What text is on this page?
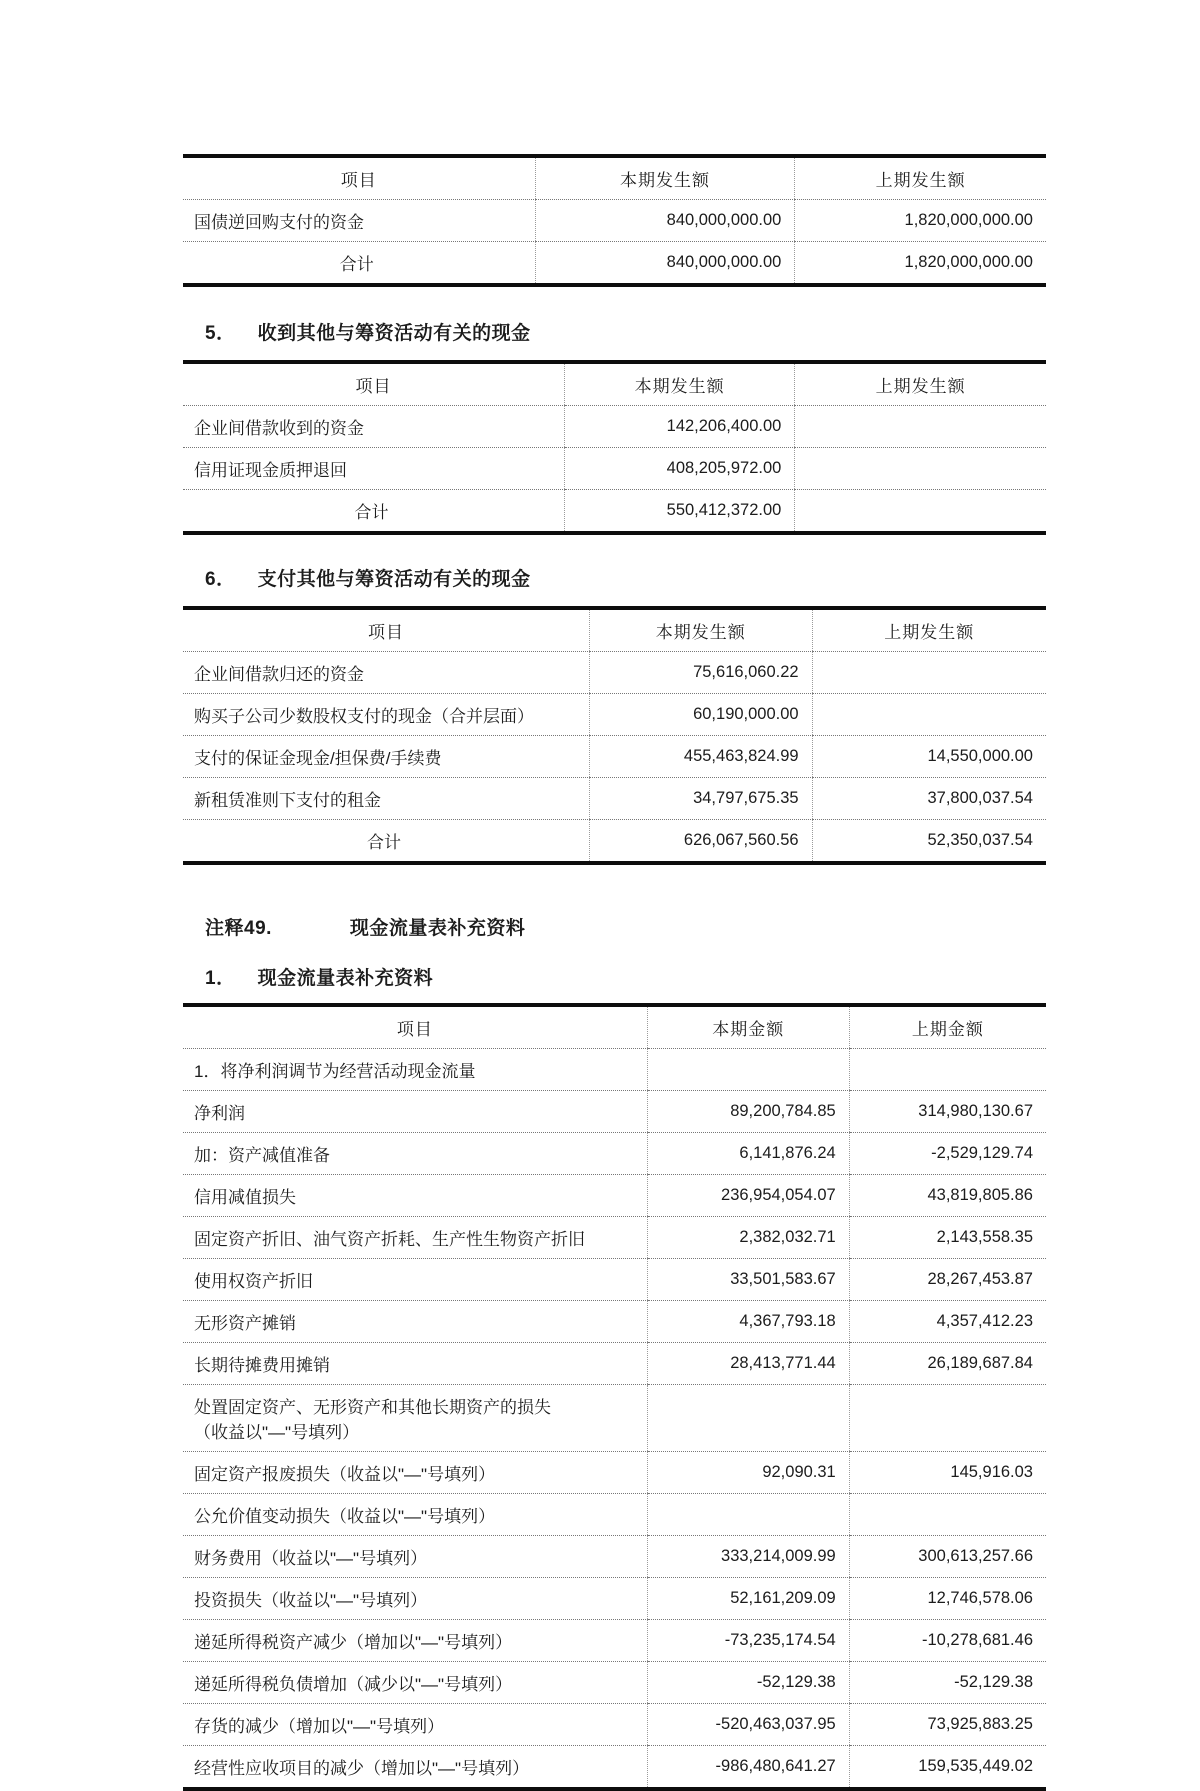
项目	本期发生额	上期发生额
国债逆回购支付的资金	840,000,000.00	1,820,000,000.00
合计	840,000,000.00	1,820,000,000.00
5． 收到其他与筹资活动有关的现金
项目	本期发生额	上期发生额
企业间借款收到的资金	142,206,400.00	
信用证现金质押退回	408,205,972.00	
合计	550,412,372.00	
6． 支付其他与筹资活动有关的现金
项目	本期发生额	上期发生额
企业间借款归还的资金	75,616,060.22	
购买子公司少数股权支付的现金（合并层面）	60,190,000.00	
支付的保证金现金/担保费/手续费	455,463,824.99	14,550,000.00
新租赁准则下支付的租金	34,797,675.35	37,800,037.54
合计	626,067,560.56	52,350,037.54
注释49.	现金流量表补充资料
1． 现金流量表补充资料
项目	本期金额	上期金额
1．将净利润调节为经营活动现金流量		
净利润	89,200,784.85	314,980,130.67
加：资产减值准备	6,141,876.24	-2,529,129.74
信用减值损失	236,954,054.07	43,819,805.86
固定资产折旧、油气资产折耗、生产性生物资产折旧	2,382,032.71	2,143,558.35
使用权资产折旧	33,501,583.67	28,267,453.87
无形资产摊销	4,367,793.18	4,357,412.23
长期待摊费用摊销	28,413,771.44	26,189,687.84
处置固定资产、无形资产和其他长期资产的损失
（收益以"—"号填列）		

固定资产报废损失（收益以"—"号填列）	92,090.31	145,916.03
公允价值变动损失（收益以"—"号填列）		
财务费用（收益以"—"号填列）	333,214,009.99	300,613,257.66
投资损失（收益以"—"号填列）	52,161,209.09	12,746,578.06
递延所得税资产减少（增加以"—"号填列）	-73,235,174.54	-10,278,681.46
递延所得税负债增加（减少以"—"号填列）	-52,129.38	-52,129.38
存货的减少（增加以"—"号填列）	-520,463,037.95	73,925,883.25
经营性应收项目的减少（增加以"—"号填列）	-986,480,641.27	159,535,449.02
